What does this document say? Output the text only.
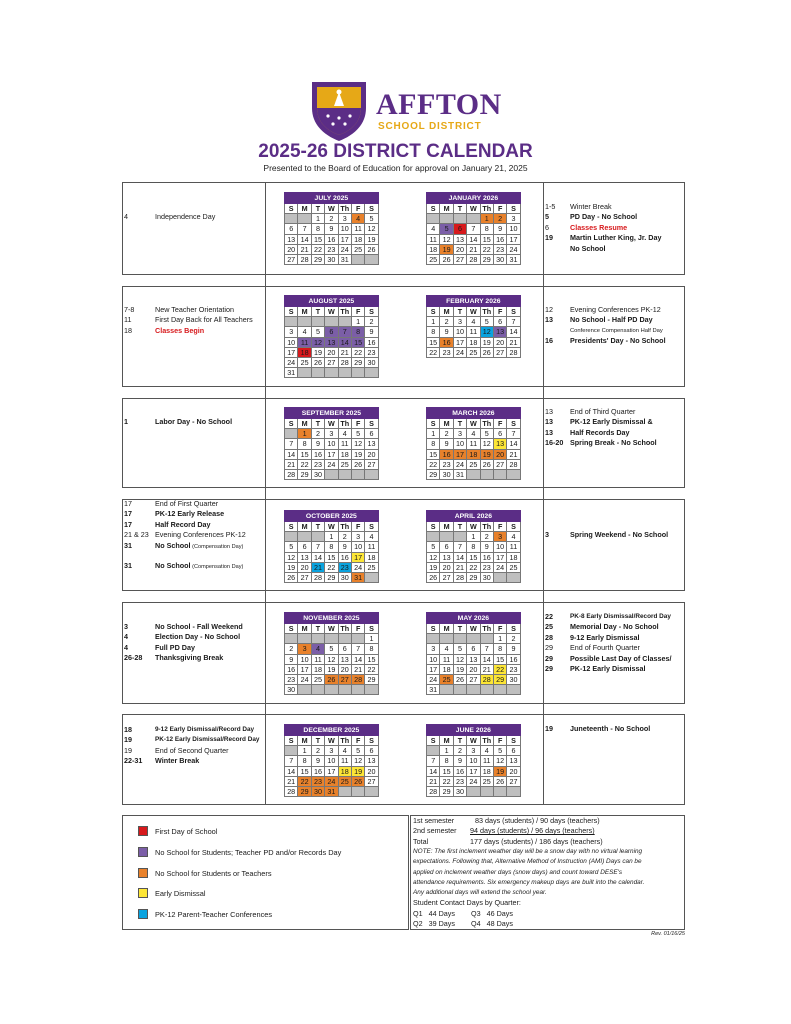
AFFTON
SCHOOL DISTRICT
2025-26 DISTRICT CALENDAR
Presented to the Board of Education for approval on January 21, 2025
JULY 2025						
S	M	T	W	Th	F	S
		1	2	3	4	5
6	7	8	9	10	11	12
13	14	15	16	17	18	19
20	21	22	23	24	25	26
27	28	29	30	31		
JANUARY 2026						
S	M	T	W	Th	F	S
				1	2	3
4	5	6	7	8	9	10
11	12	13	14	15	16	17
18	19	20	21	22	23	24
25	26	27	28	29	30	31
AUGUST 2025						
S	M	T	W	Th	F	S
					1	2
3	4	5	6	7	8	9
10	11	12	13	14	15	16
17	18	19	20	21	22	23
24	25	26	27	28	29	30
31						
FEBRUARY 2026						
S	M	T	W	Th	F	S
1	2	3	4	5	6	7
8	9	10	11	12	13	14
15	16	17	18	19	20	21
22	23	24	25	26	27	28
SEPTEMBER 2025						
S	M	T	W	Th	F	S
	1	2	3	4	5	6
7	8	9	10	11	12	13
14	15	16	17	18	19	20
21	22	23	24	25	26	27
28	29	30				
MARCH 2026						
S	M	T	W	Th	F	S
1	2	3	4	5	6	7
8	9	10	11	12	13	14
15	16	17	18	19	20	21
22	23	24	25	26	27	28
29	30	31				
OCTOBER 2025						
S	M	T	W	Th	F	S
			1	2	3	4
5	6	7	8	9	10	11
12	13	14	15	16	17	18
19	20	21	22	23	24	25
26	27	28	29	30	31	
APRIL 2026						
S	M	T	W	Th	F	S
			1	2	3	4
5	6	7	8	9	10	11
12	13	14	15	16	17	18
19	20	21	22	23	24	25
26	27	28	29	30		
NOVEMBER 2025						
S	M	T	W	Th	F	S
						1
2	3	4	5	6	7	8
9	10	11	12	13	14	15
16	17	18	19	20	21	22
23	24	25	26	27	28	29
30						
MAY 2026						
S	M	T	W	Th	F	S
					1	2
3	4	5	6	7	8	9
10	11	12	13	14	15	16
17	18	19	20	21	22	23
24	25	26	27	28	29	30
31						
DECEMBER 2025						
S	M	T	W	Th	F	S
	1	2	3	4	5	6
7	8	9	10	11	12	13
14	15	16	17	18	19	20
21	22	23	24	25	26	27
28	29	30	31			
JUNE 2026						
S	M	T	W	Th	F	S
	1	2	3	4	5	6
7	8	9	10	11	12	13
14	15	16	17	18	19	20
21	22	23	24	25	26	27
28	29	30				
4	Independence Day
7-8	New Teacher Orientation
11	First Day Back for All Teachers
18	Classes Begin
1	Labor Day - No School
17	End of First Quarter
17	PK-12 Early Release
17	Half Record Day
21 & 23 Evening Conferences PK-12
31	No School (Compensation Day)
31	No School (Compensation Day)
3	No School - Fall Weekend
4	Election Day - No School
4	Full PD Day
26-28 Thanksgiving Break
18	9-12 Early Dismissal/Record Day
19	PK-12 Early Dismissal/Record Day
19	End of Second Quarter
22-31 Winter Break
1-5 Winter Break
5	PD Day - No School
6	Classes Resume
19 Martin Luther King, Jr. Day
No School
12 Evening Conferences PK-12
13 No School - Half PD Day
Conference Compensation Half Day
16 Presidents' Day - No School
13 End of Third Quarter
13 PK-12 Early Dismissal &
13 Half Records Day
16-20 Spring Break - No School
3	Spring Weekend - No School
22	PK-8 Early Dismissal/Record Day
25 Memorial Day - No School
28 9-12 Early Dismissal
29 End of Fourth Quarter
29 Possible Last Day of Classes/
29 PK-12 Early Dismissal
19 Juneteenth - No School
First Day of School
No School for Students; Teacher PD and/or Records Day
No School for Students or Teachers
Early Dismissal
PK-12 Parent-Teacher Conferences
1st semester	83 days (students) / 90 days (teachers)
2nd semester 94 days (students) / 96 days (teachers)
Total	177 days (students) / 186 days (teachers)
NOTE: The first inclement weather day will be a snow day with no virtual learning
expectations. Following that, Alternative Method of Instruction (AMI) Days can be
applied on inclement weather days (snow days) and count toward DESE's
attendance requirements. Six emergency makeup days are built into the calendar.
Any additional days will extend the school year.
Student Contact Days by Quarter:
Q1   44 Days Q3   46 Days
Q2   39 Days Q4   48 Days
Rev. 01/16/25
